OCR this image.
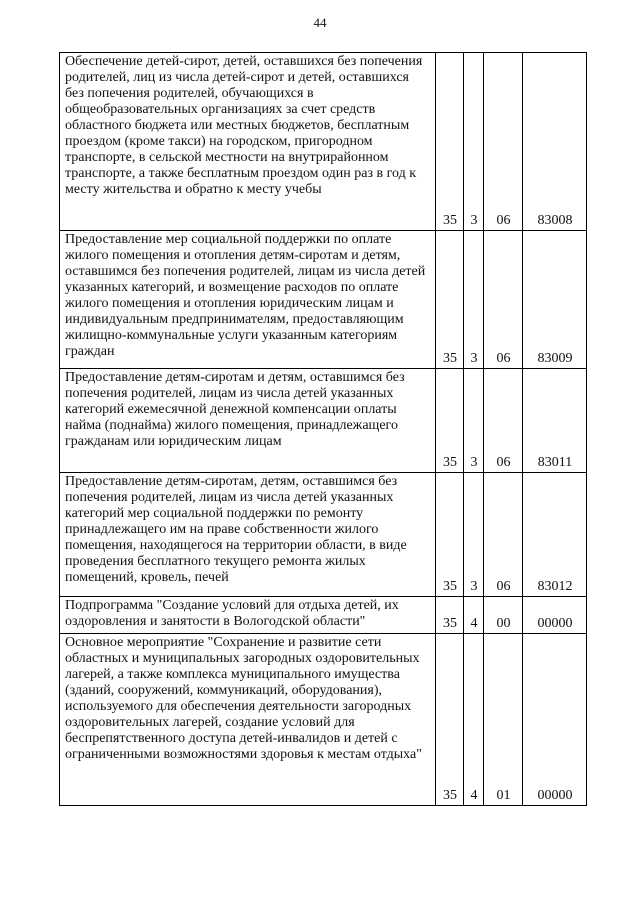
44
Обеспечение детей-сирот, детей, оставшихся без попечения родителей, лиц из числа детей-сирот и детей, оставшихся без попечения родителей, обучающихся в общеобразовательных организациях за счет средств областного бюджета или местных бюджетов, бесплатным проездом (кроме такси) на городском, пригородном транспорте, в сельской местности на внутрирайонном транспорте, а также бесплатным проездом один раз в год к месту жительства и обратно к месту учебы	35	3	06	83008
Предоставление мер социальной поддержки по оплате жилого помещения и отопления детям-сиротам и детям, оставшимся без попечения родителей, лицам из числа детей указанных категорий, и возмещение расходов по оплате жилого помещения и отопления юридическим лицам и индивидуальным предпринимателям, предоставляющим жилищно-коммунальные услуги указанным категориям граждан	35	3	06	83009
Предоставление детям-сиротам и детям, оставшимся без попечения родителей, лицам из числа детей указанных категорий ежемесячной денежной компенсации оплаты найма (поднайма) жилого помещения, принадлежащего гражданам или юридическим лицам	35	3	06	83011
Предоставление детям-сиротам, детям, оставшимся без попечения родителей, лицам из числа детей указанных категорий мер социальной поддержки по ремонту принадлежащего им на праве собственности жилого помещения, находящегося на территории области, в виде проведения бесплатного текущего ремонта жилых помещений, кровель, печей	35	3	06	83012
Подпрограмма "Создание условий для отдыха детей, их оздоровления и занятости в Вологодской области"	35	4	00	00000
Основное мероприятие "Сохранение и развитие сети областных и муниципальных загородных оздоровительных лагерей, а также комплекса муниципального имущества (зданий, сооружений, коммуникаций, оборудования), используемого для обеспечения деятельности загородных оздоровительных лагерей, создание условий для беспрепятственного доступа детей-инвалидов и детей с ограниченными возможностями здоровья к местам отдыха"	35	4	01	00000
